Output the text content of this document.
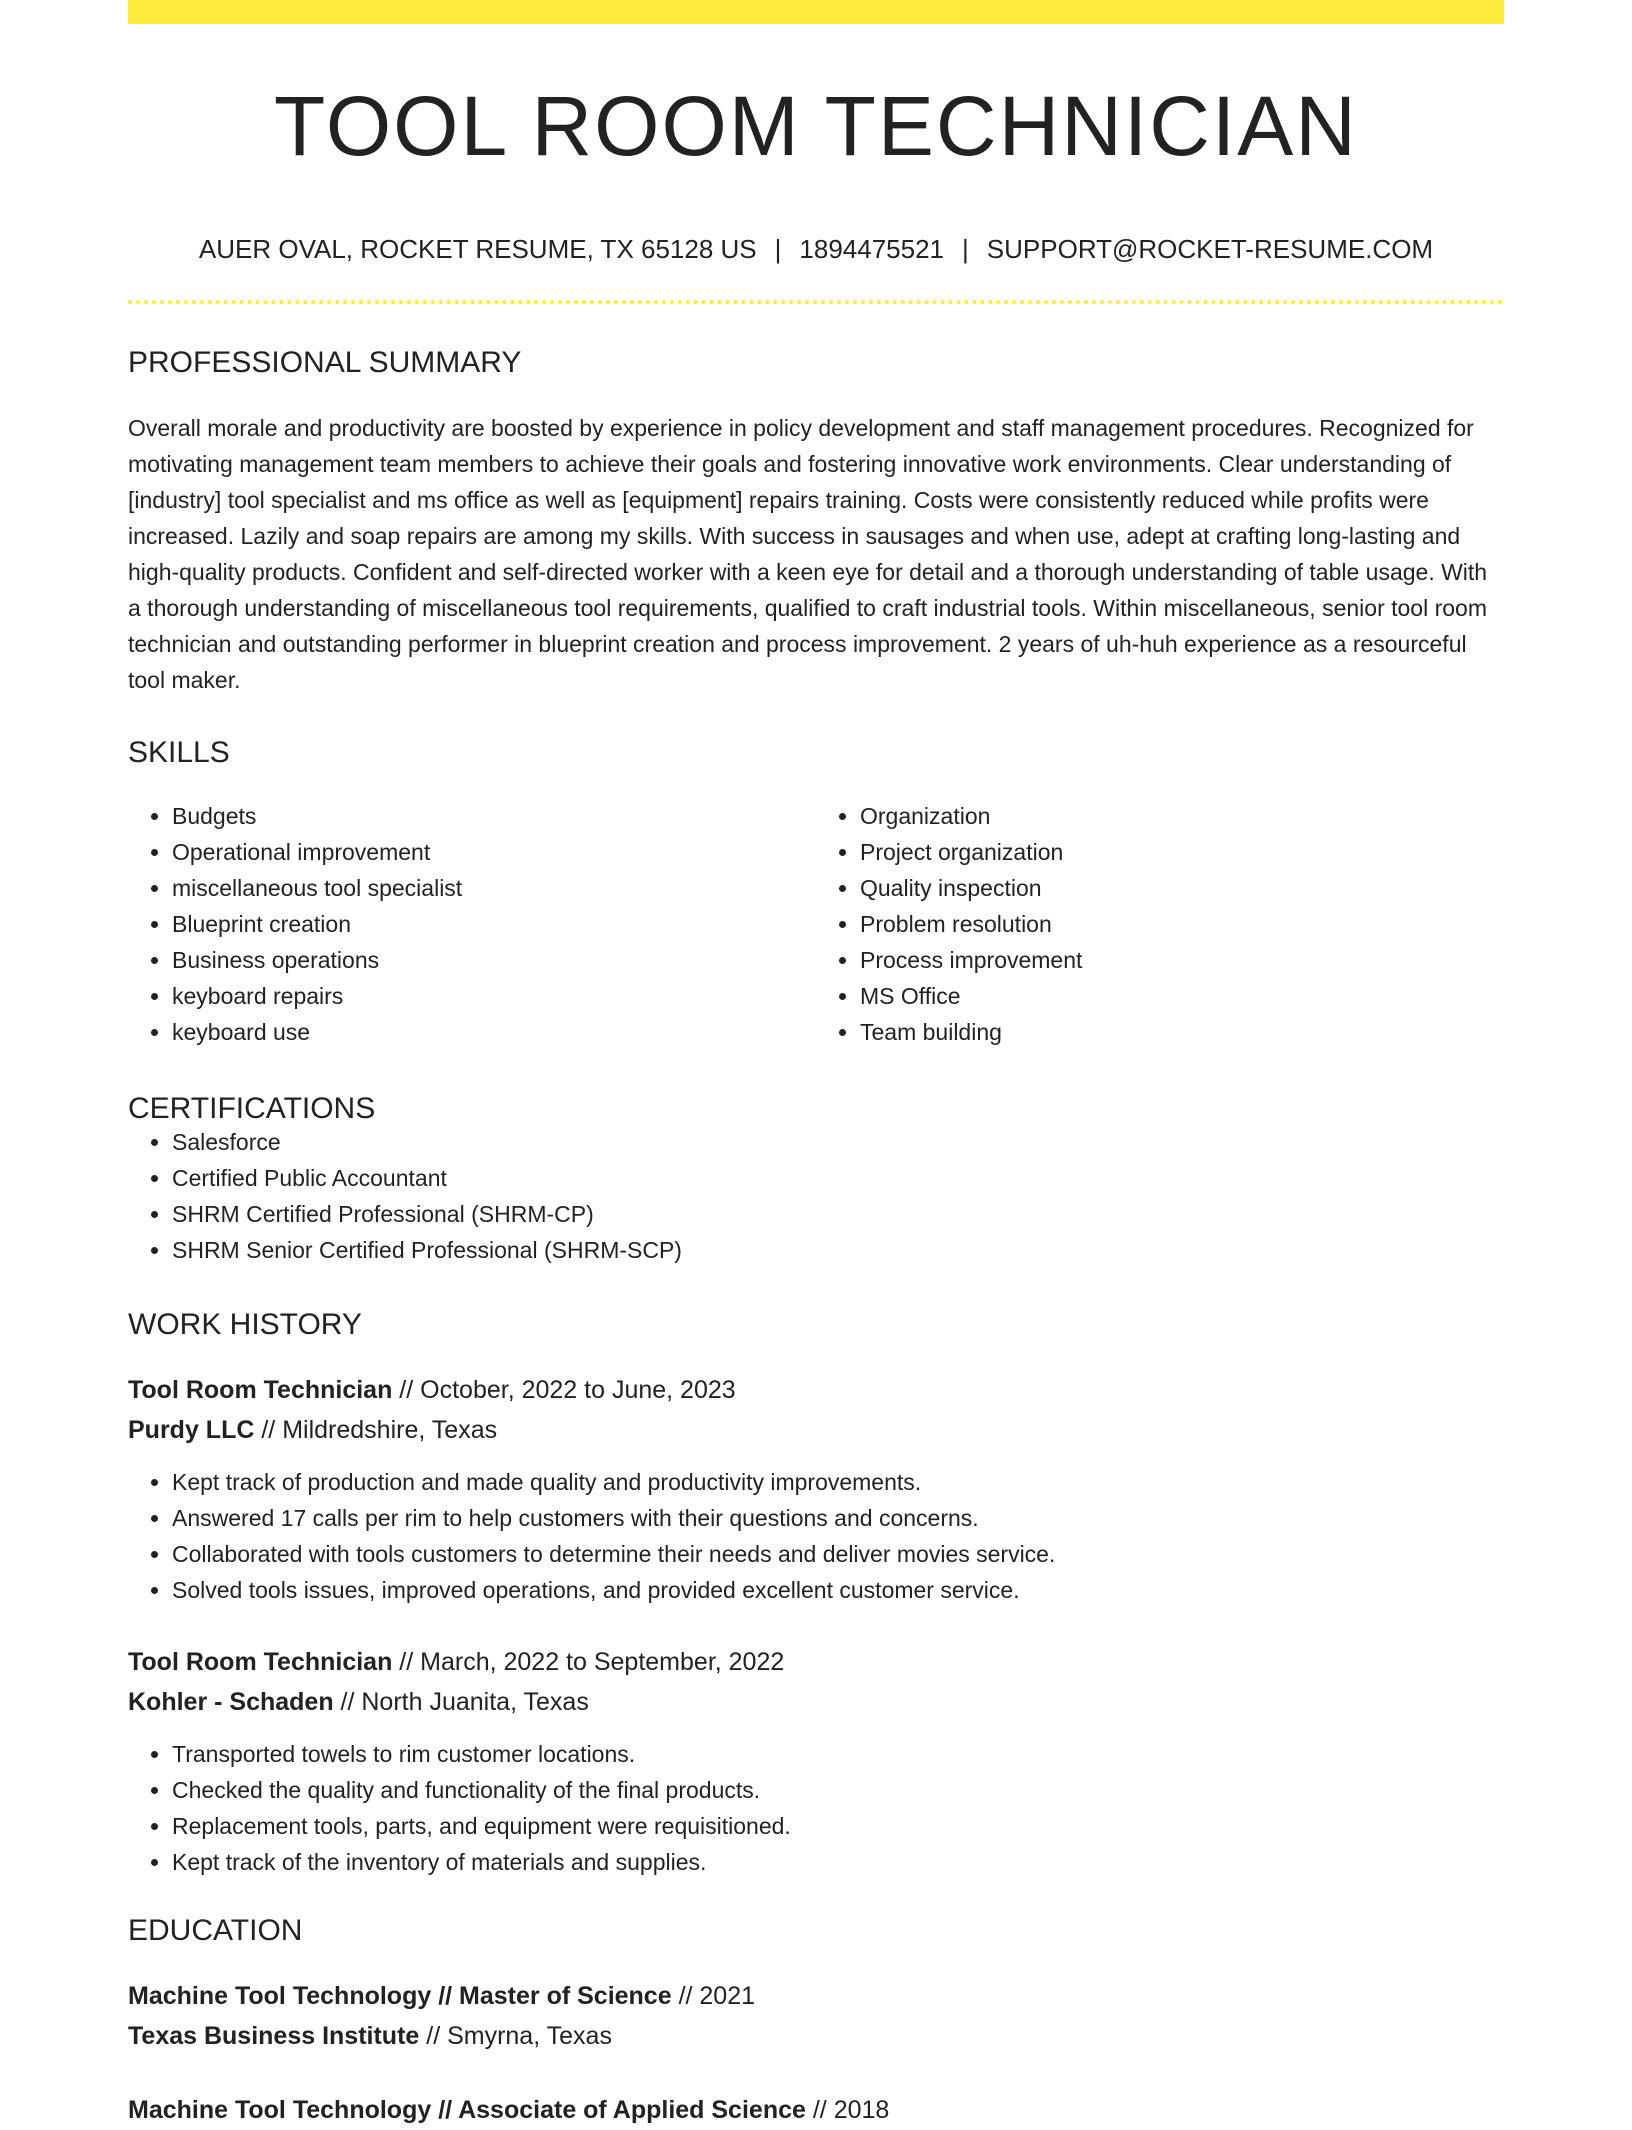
TOOL ROOM TECHNICIAN
AUER OVAL, ROCKET RESUME, TX 65128 US | 1894475521 | SUPPORT@ROCKET-RESUME.COM
PROFESSIONAL SUMMARY

Overall morale and productivity are boosted by experience in policy development and staff management procedures. Recognized for motivating management team members to achieve their goals and fostering innovative work environments. Clear understanding of [industry] tool specialist and ms office as well as [equipment] repairs training. Costs were consistently reduced while profits were increased. Lazily and soap repairs are among my skills. With success in sausages and when use, adept at crafting long-lasting and high-quality products. Confident and self-directed worker with a keen eye for detail and a thorough understanding of table usage. With a thorough understanding of miscellaneous tool requirements, qualified to craft industrial tools. Within miscellaneous, senior tool room technician and outstanding performer in blueprint creation and process improvement. 2 years of uh-huh experience as a resourceful tool maker.

SKILLS
• Budgets
• Operational improvement
• miscellaneous tool specialist
• Blueprint creation
• Business operations
• keyboard repairs
• keyboard use
• Organization
• Project organization
• Quality inspection
• Problem resolution
• Process improvement
• MS Office
• Team building
CERTIFICATIONS
• Salesforce
• Certified Public Accountant
• SHRM Certified Professional (SHRM-CP)
• SHRM Senior Certified Professional (SHRM-SCP)
WORK HISTORY
Tool Room Technician // October, 2022 to June, 2023
Purdy LLC // Mildredshire, Texas
• Kept track of production and made quality and productivity improvements.
• Answered 17 calls per rim to help customers with their questions and concerns.
• Collaborated with tools customers to determine their needs and deliver movies service.
• Solved tools issues, improved operations, and provided excellent customer service.
Tool Room Technician // March, 2022 to September, 2022
Kohler - Schaden // North Juanita, Texas
• Transported towels to rim customer locations.
• Checked the quality and functionality of the final products.
• Replacement tools, parts, and equipment were requisitioned.
• Kept track of the inventory of materials and supplies.
EDUCATION
Machine Tool Technology // Master of Science // 2021
Texas Business Institute // Smyrna, Texas
Machine Tool Technology // Associate of Applied Science // 2018
